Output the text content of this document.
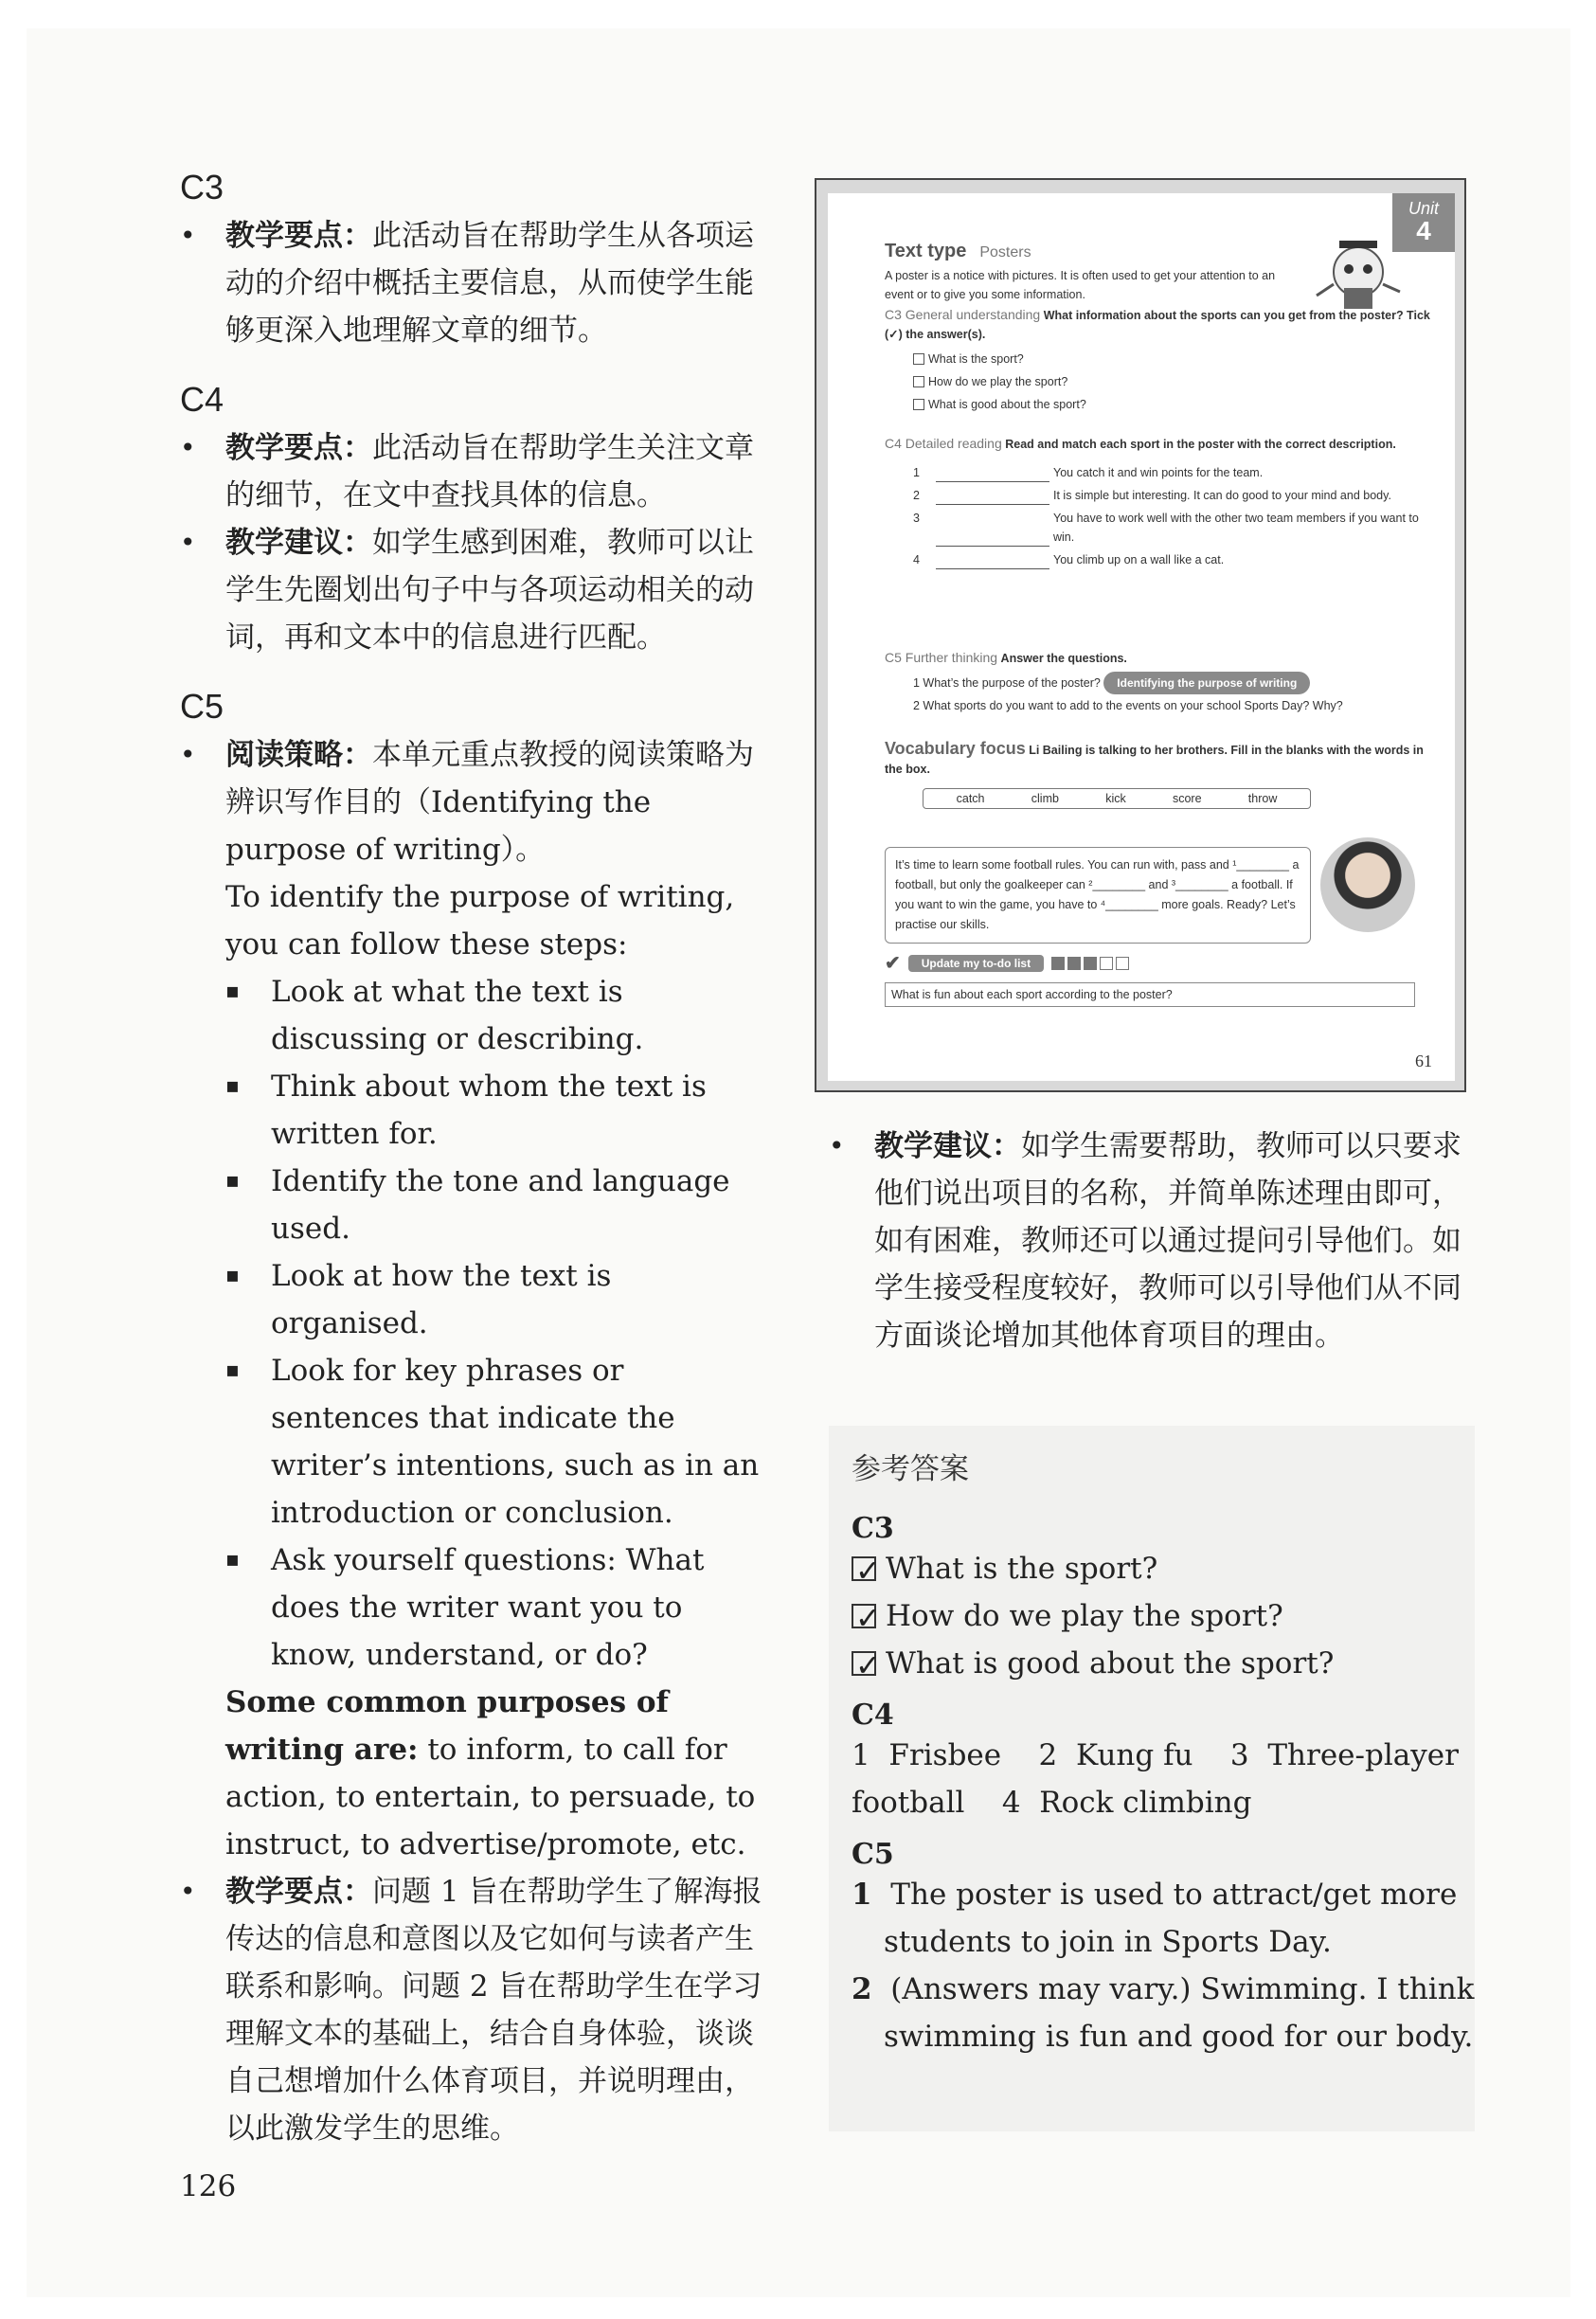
C3
• 教学要点：此活动旨在帮助学生从各项运动的介绍中概括主要信息，从而使学生能够更深入地理解文章的细节。
C4
• 教学要点：此活动旨在帮助学生关注文章的细节，在文中查找具体的信息。
• 教学建议：如学生感到困难，教师可以让学生先圈划出句子中与各项运动相关的动词，再和文本中的信息进行匹配。
C5
• 阅读策略：本单元重点教授的阅读策略为辨识写作目的（Identifying the purpose of writing）。
To identify the purpose of writing, you can follow these steps:
▪ Look at what the text is discussing or describing.
▪ Think about whom the text is written for.
▪ Identify the tone and language used.
▪ Look at how the text is organised.
▪ Look for key phrases or sentences that indicate the writer’s intentions, such as in an introduction or conclusion.
▪ Ask yourself questions: What does the writer want you to know, understand, or do?
Some common purposes of writing are: to inform, to call for action, to entertain, to persuade, to instruct, to advertise/promote, etc.
• 教学要点：问题 1 旨在帮助学生了解海报传达的信息和意图以及它如何与读者产生联系和影响。问题 2 旨在帮助学生在学习理解文本的基础上，结合自身体验，谈谈自己想增加什么体育项目，并说明理由，以此激发学生的思维。
Unit
4
Text type Posters
A poster is a notice with pictures. It is often used to get your attention to an event or to give you some information.
C3 General understanding What information about the sports can you get from the poster? Tick (✓) the answer(s).
What is the sport?
How do we play the sport?
What is good about the sport?
C4 Detailed reading Read and match each sport in the poster with the correct description.
1	You catch it and win points for the team.
2	It is simple but interesting. It can do good to your mind and body.
3	You have to work well with the other two team members if you want to win.
4	You climb up on a wall like a cat.
C5 Further thinking Answer the questions.
1 What’s the purpose of the poster? Identifying the purpose of writing
2 What sports do you want to add to the events on your school Sports Day? Why?
Vocabulary focus Li Bailing is talking to her brothers. Fill in the blanks with the words in the box.
catch	climb	kick	score	throw
It’s time to learn some football rules. You can run with, pass and ¹________ a football, but only the goalkeeper can ²________ and ³________ a football. If you want to win the game, you have to ⁴________ more goals. Ready? Let’s practise our skills.
✔	Update my to-do list
What is fun about each sport according to the poster?
61
• 教学建议：如学生需要帮助，教师可以只要求他们说出项目的名称，并简单陈述理由即可，如有困难，教师还可以通过提问引导他们。如学生接受程度较好，教师可以引导他们从不同方面谈论增加其他体育项目的理由。
参考答案
C3
✓What is the sport?
✓How do we play the sport?
✓What is good about the sport?
C4
1  Frisbee    2  Kung fu    3  Three-player
football    4  Rock climbing
C5
1 The poster is used to attract/get more students to join in Sports Day.
2 (Answers may vary.) Swimming. I think swimming is fun and good for our body.
126
